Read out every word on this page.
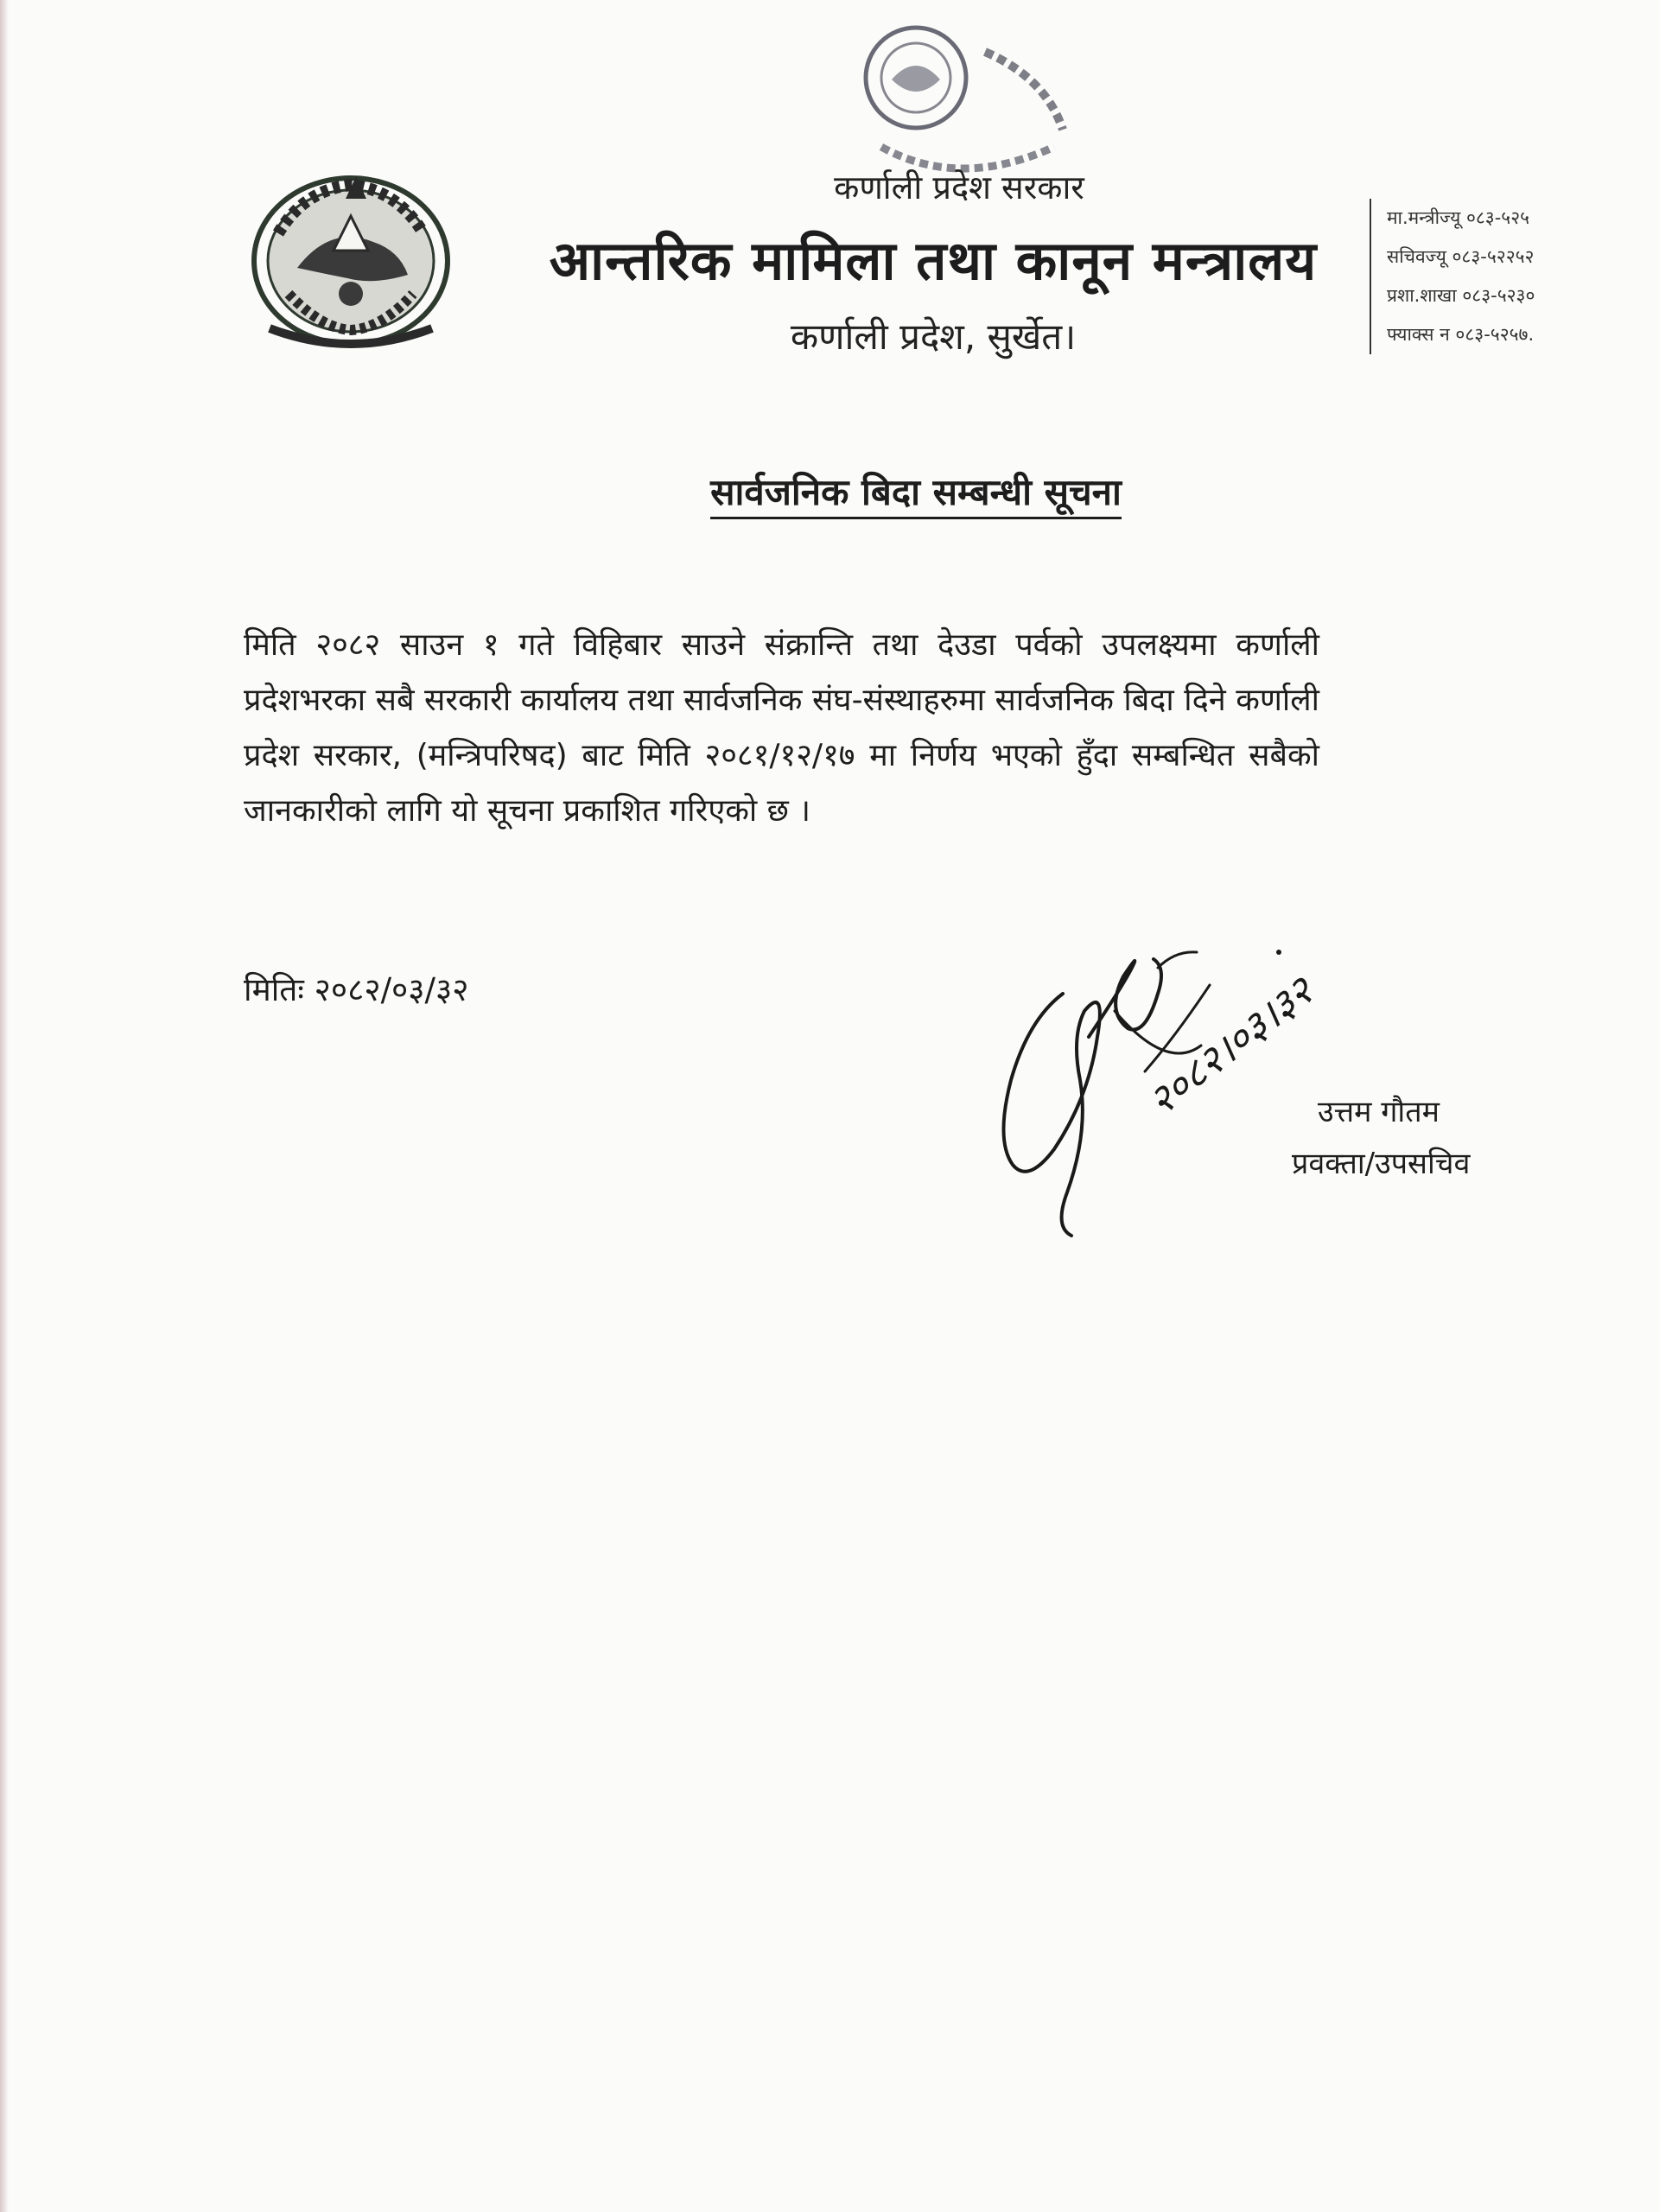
कर्णाली प्रदेश सरकार
आन्तरिक मामिला तथा कानून मन्त्रालय
कर्णाली प्रदेश, सुर्खेत।
मा.मन्त्रीज्यू ०८३-५२५
सचिवज्यू ०८३-५२२५२
प्रशा.शाखा ०८३-५२३०
फ्याक्स न ०८३-५२५७.
सार्वजनिक बिदा सम्बन्धी सूचना
मिति २०८२ साउन १ गते विहिबार साउने संक्रान्ति तथा देउडा पर्वको उपलक्ष्यमा कर्णाली प्रदेशभरका सबै सरकारी कार्यालय तथा सार्वजनिक संघ-संस्थाहरुमा सार्वजनिक बिदा दिने कर्णाली प्रदेश सरकार, (मन्त्रिपरिषद) बाट मिति २०८१/१२/१७ मा निर्णय भएको हुँदा सम्बन्धित सबैको जानकारीको लागि यो सूचना प्रकाशित गरिएको छ ।
मितिः २०८२/०३/३२	२०८२।०३।३२
उत्तम गौतम
प्रवक्ता/उपसचिव
